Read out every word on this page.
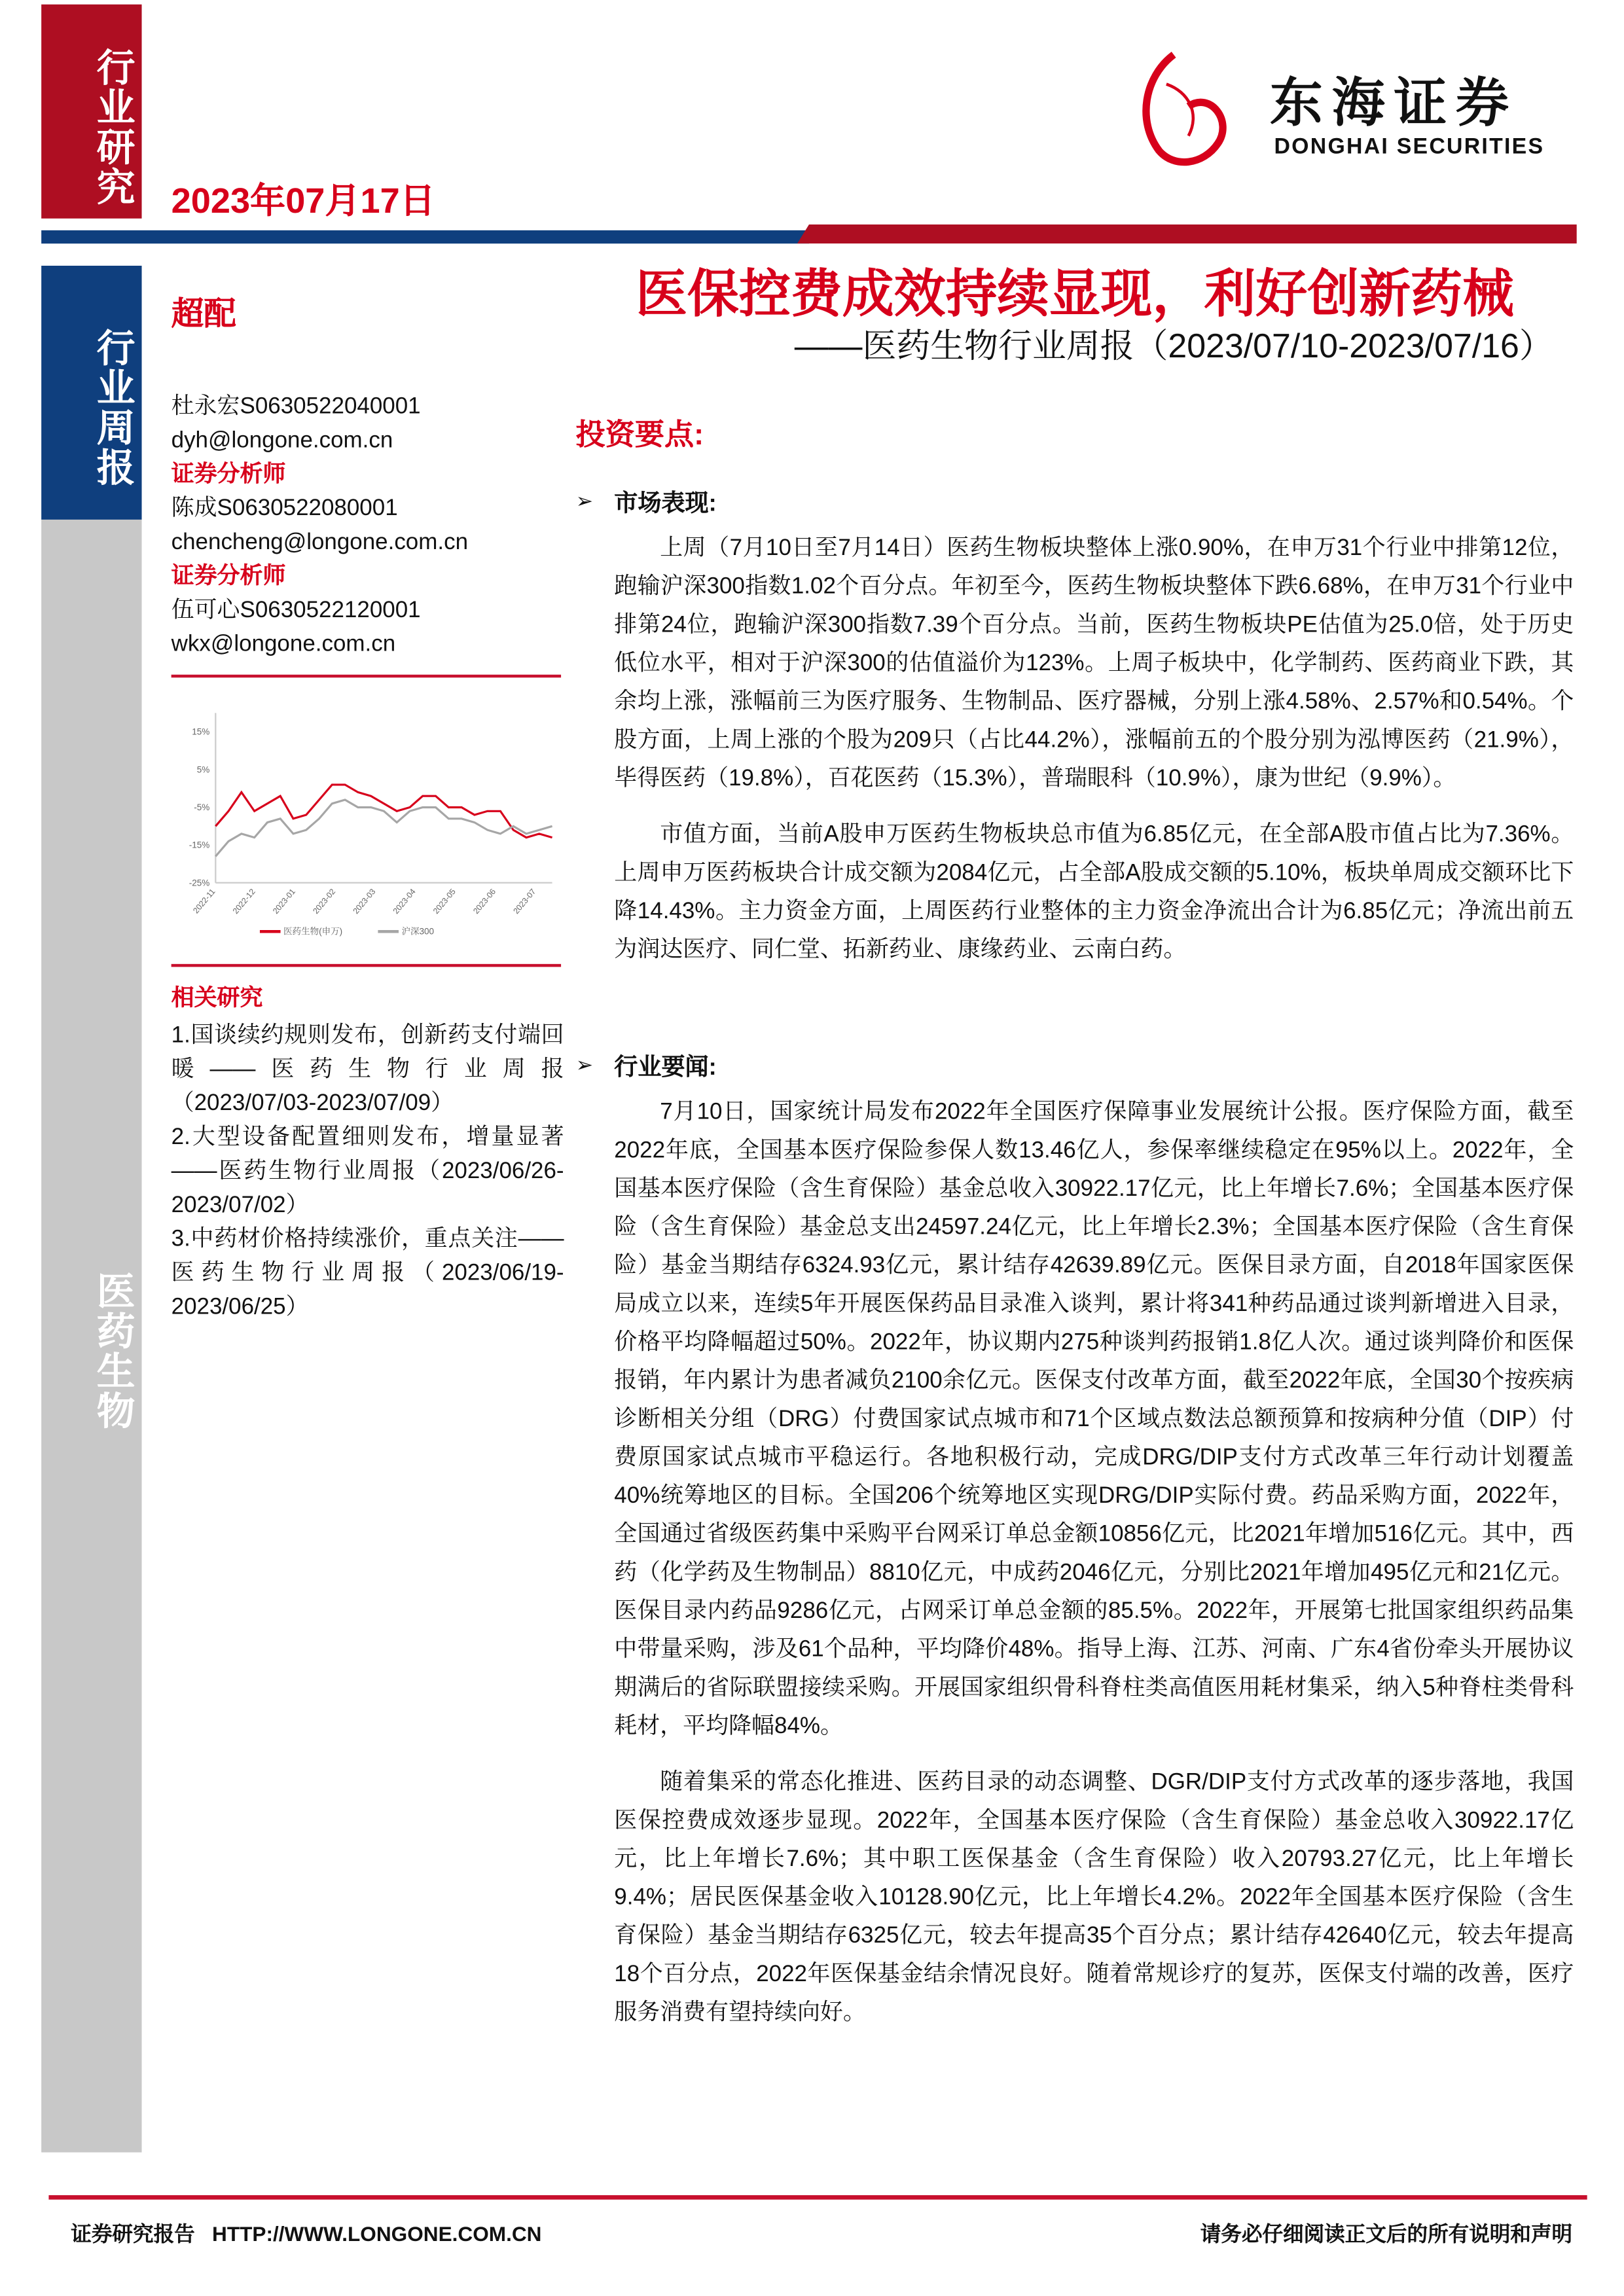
行业研究	2023年07月17日
东海证券
DONGHAI SECURITIES
行业周报
医药生物
超配
杜永宏S0630522040001
dyh@longone.com.cn
证券分析师
陈成S0630522080001
chencheng@longone.com.cn
证券分析师
伍可心S0630522120001
wkx@longone.com.cn
15%
5%
-5%
-15%
-25%
2022-11	2022-12	2023-01	2023-02	2023-03	2023-04	2023-05	2023-06	2023-07
医药生物(申万)	沪深300
相关研究
1.国谈续约规则发布，创新药支付端回暖——医药生物行业周报（2023/07/03-2023/07/09）
2.大型设备配置细则发布，增量显著——医药生物行业周报（2023/06/26-2023/07/02）
3.中药材价格持续涨价，重点关注——医药生物行业周报（2023/06/19-2023/06/25）
医保控费成效持续显现，利好创新药械
——医药生物行业周报（2023/07/10-2023/07/16）
投资要点:
➢	市场表现:

上周（7月10日至7月14日）医药生物板块整体上涨0.90%，在申万31个行业中排第12位，跑输沪深300指数1.02个百分点。年初至今，医药生物板块整体下跌6.68%，在申万31个行业中排第24位，跑输沪深300指数7.39个百分点。当前，医药生物板块PE估值为25.0倍，处于历史低位水平，相对于沪深300的估值溢价为123%。上周子板块中，化学制药、医药商业下跌，其余均上涨，涨幅前三为医疗服务、生物制品、医疗器械，分别上涨4.58%、2.57%和0.54%。个股方面，上周上涨的个股为209只（占比44.2%），涨幅前五的个股分别为泓博医药（21.9%），毕得医药（19.8%），百花医药（15.3%），普瑞眼科（10.9%），康为世纪（9.9%）。

市值方面，当前A股申万医药生物板块总市值为6.85亿元，在全部A股市值占比为7.36%。上周申万医药板块合计成交额为2084亿元，占全部A股成交额的5.10%，板块单周成交额环比下降14.43%。主力资金方面，上周医药行业整体的主力资金净流出合计为6.85亿元；净流出前五为润达医疗、同仁堂、拓新药业、康缘药业、云南白药。

➢	行业要闻:

7月10日，国家统计局发布2022年全国医疗保障事业发展统计公报。医疗保险方面，截至2022年底，全国基本医疗保险参保人数13.46亿人，参保率继续稳定在95%以上。2022年，全国基本医疗保险（含生育保险）基金总收入30922.17亿元，比上年增长7.6%；全国基本医疗保险（含生育保险）基金总支出24597.24亿元，比上年增长2.3%；全国基本医疗保险（含生育保险）基金当期结存6324.93亿元，累计结存42639.89亿元。医保目录方面，自2018年国家医保局成立以来，连续5年开展医保药品目录准入谈判，累计将341种药品通过谈判新增进入目录，价格平均降幅超过50%。2022年，协议期内275种谈判药报销1.8亿人次。通过谈判降价和医保报销，年内累计为患者减负2100余亿元。医保支付改革方面，截至2022年底，全国30个按疾病诊断相关分组（DRG）付费国家试点城市和71个区域点数法总额预算和按病种分值（DIP）付费原国家试点城市平稳运行。各地积极行动，完成DRG/DIP支付方式改革三年行动计划覆盖40%统筹地区的目标。全国206个统筹地区实现DRG/DIP实际付费。药品采购方面，2022年，全国通过省级医药集中采购平台网采订单总金额10856亿元，比2021年增加516亿元。其中，西药（化学药及生物制品）8810亿元，中成药2046亿元，分别比2021年增加495亿元和21亿元。医保目录内药品9286亿元，占网采订单总金额的85.5%。2022年，开展第七批国家组织药品集中带量采购，涉及61个品种，平均降价48%。指导上海、江苏、河南、广东4省份牵头开展协议期满后的省际联盟接续采购。开展国家组织骨科脊柱类高值医用耗材集采，纳入5种脊柱类骨科耗材，平均降幅84%。

随着集采的常态化推进、医药目录的动态调整、DGR/DIP支付方式改革的逐步落地，我国医保控费成效逐步显现。2022年，全国基本医疗保险（含生育保险）基金总收入30922.17亿元，比上年增长7.6%；其中职工医保基金（含生育保险）收入20793.27亿元，比上年增长9.4%；居民医保基金收入10128.90亿元，比上年增长4.2%。2022年全国基本医疗保险（含生育保险）基金当期结存6325亿元，较去年提高35个百分点；累计结存42640亿元，较去年提高18个百分点，2022年医保基金结余情况良好。随着常规诊疗的复苏，医保支付端的改善，医疗服务消费有望持续向好。

证券研究报告 HTTP://WWW.LONGONE.COM.CN	请务必仔细阅读正文后的所有说明和声明
